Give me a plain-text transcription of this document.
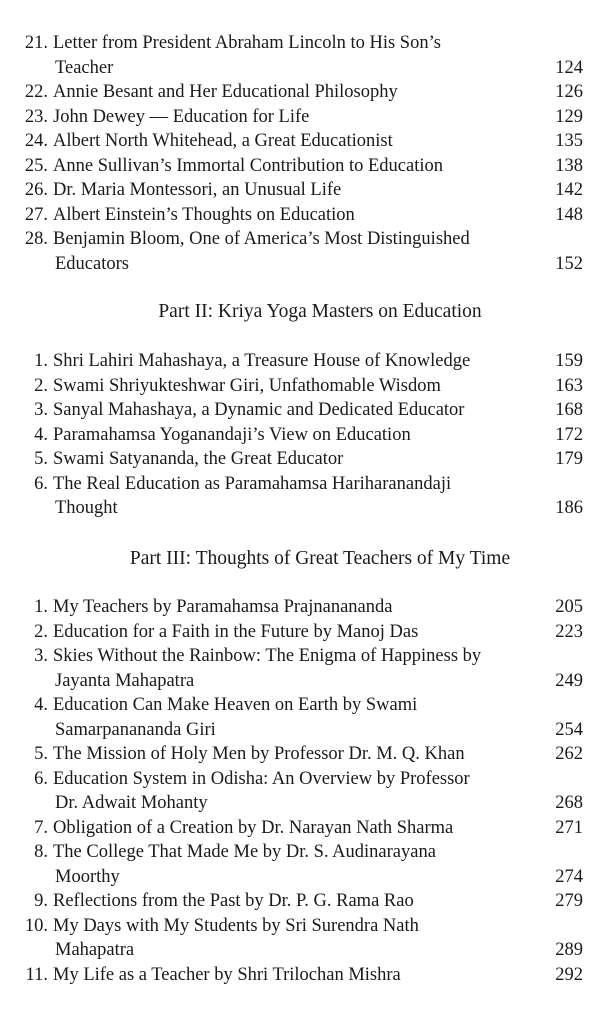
21. Letter from President Abraham Lincoln to His Son’s
Teacher	124
22. Annie Besant and Her Educational Philosophy	126
23. John Dewey — Education for Life	129
24. Albert North Whitehead, a Great Educationist	135
25. Anne Sullivan’s Immortal Contribution to Education	138
26. Dr. Maria Montessori, an Unusual Life	142
27. Albert Einstein’s Thoughts on Education	148
28. Benjamin Bloom, One of America’s Most Distinguished
Educators	152
Part II: Kriya Yoga Masters on Education
1. Shri Lahiri Mahashaya, a Treasure House of Knowledge	159
2. Swami Shriyukteshwar Giri, Unfathomable Wisdom	163
3. Sanyal Mahashaya, a Dynamic and Dedicated Educator	168
4. Paramahamsa Yoganandaji’s View on Education	172
5. Swami Satyananda, the Great Educator	179
6. The Real Education as Paramahamsa Hariharanandaji
Thought	186
Part III: Thoughts of Great Teachers of My Time
1. My Teachers by Paramahamsa Prajnanananda	205
2. Education for a Faith in the Future by Manoj Das	223
3. Skies Without the Rainbow: The Enigma of Happiness by
Jayanta Mahapatra	249
4. Education Can Make Heaven on Earth by Swami
Samarpanananda Giri	254
5. The Mission of Holy Men by Professor Dr. M. Q. Khan	262
6. Education System in Odisha: An Overview by Professor
Dr. Adwait Mohanty	268
7. Obligation of a Creation by Dr. Narayan Nath Sharma	271
8. The College That Made Me by Dr. S. Audinarayana
Moorthy	274
9. Reflections from the Past by Dr. P. G. Rama Rao	279
10. My Days with My Students by Sri Surendra Nath
Mahapatra	289
11. My Life as a Teacher by Shri Trilochan Mishra	292
